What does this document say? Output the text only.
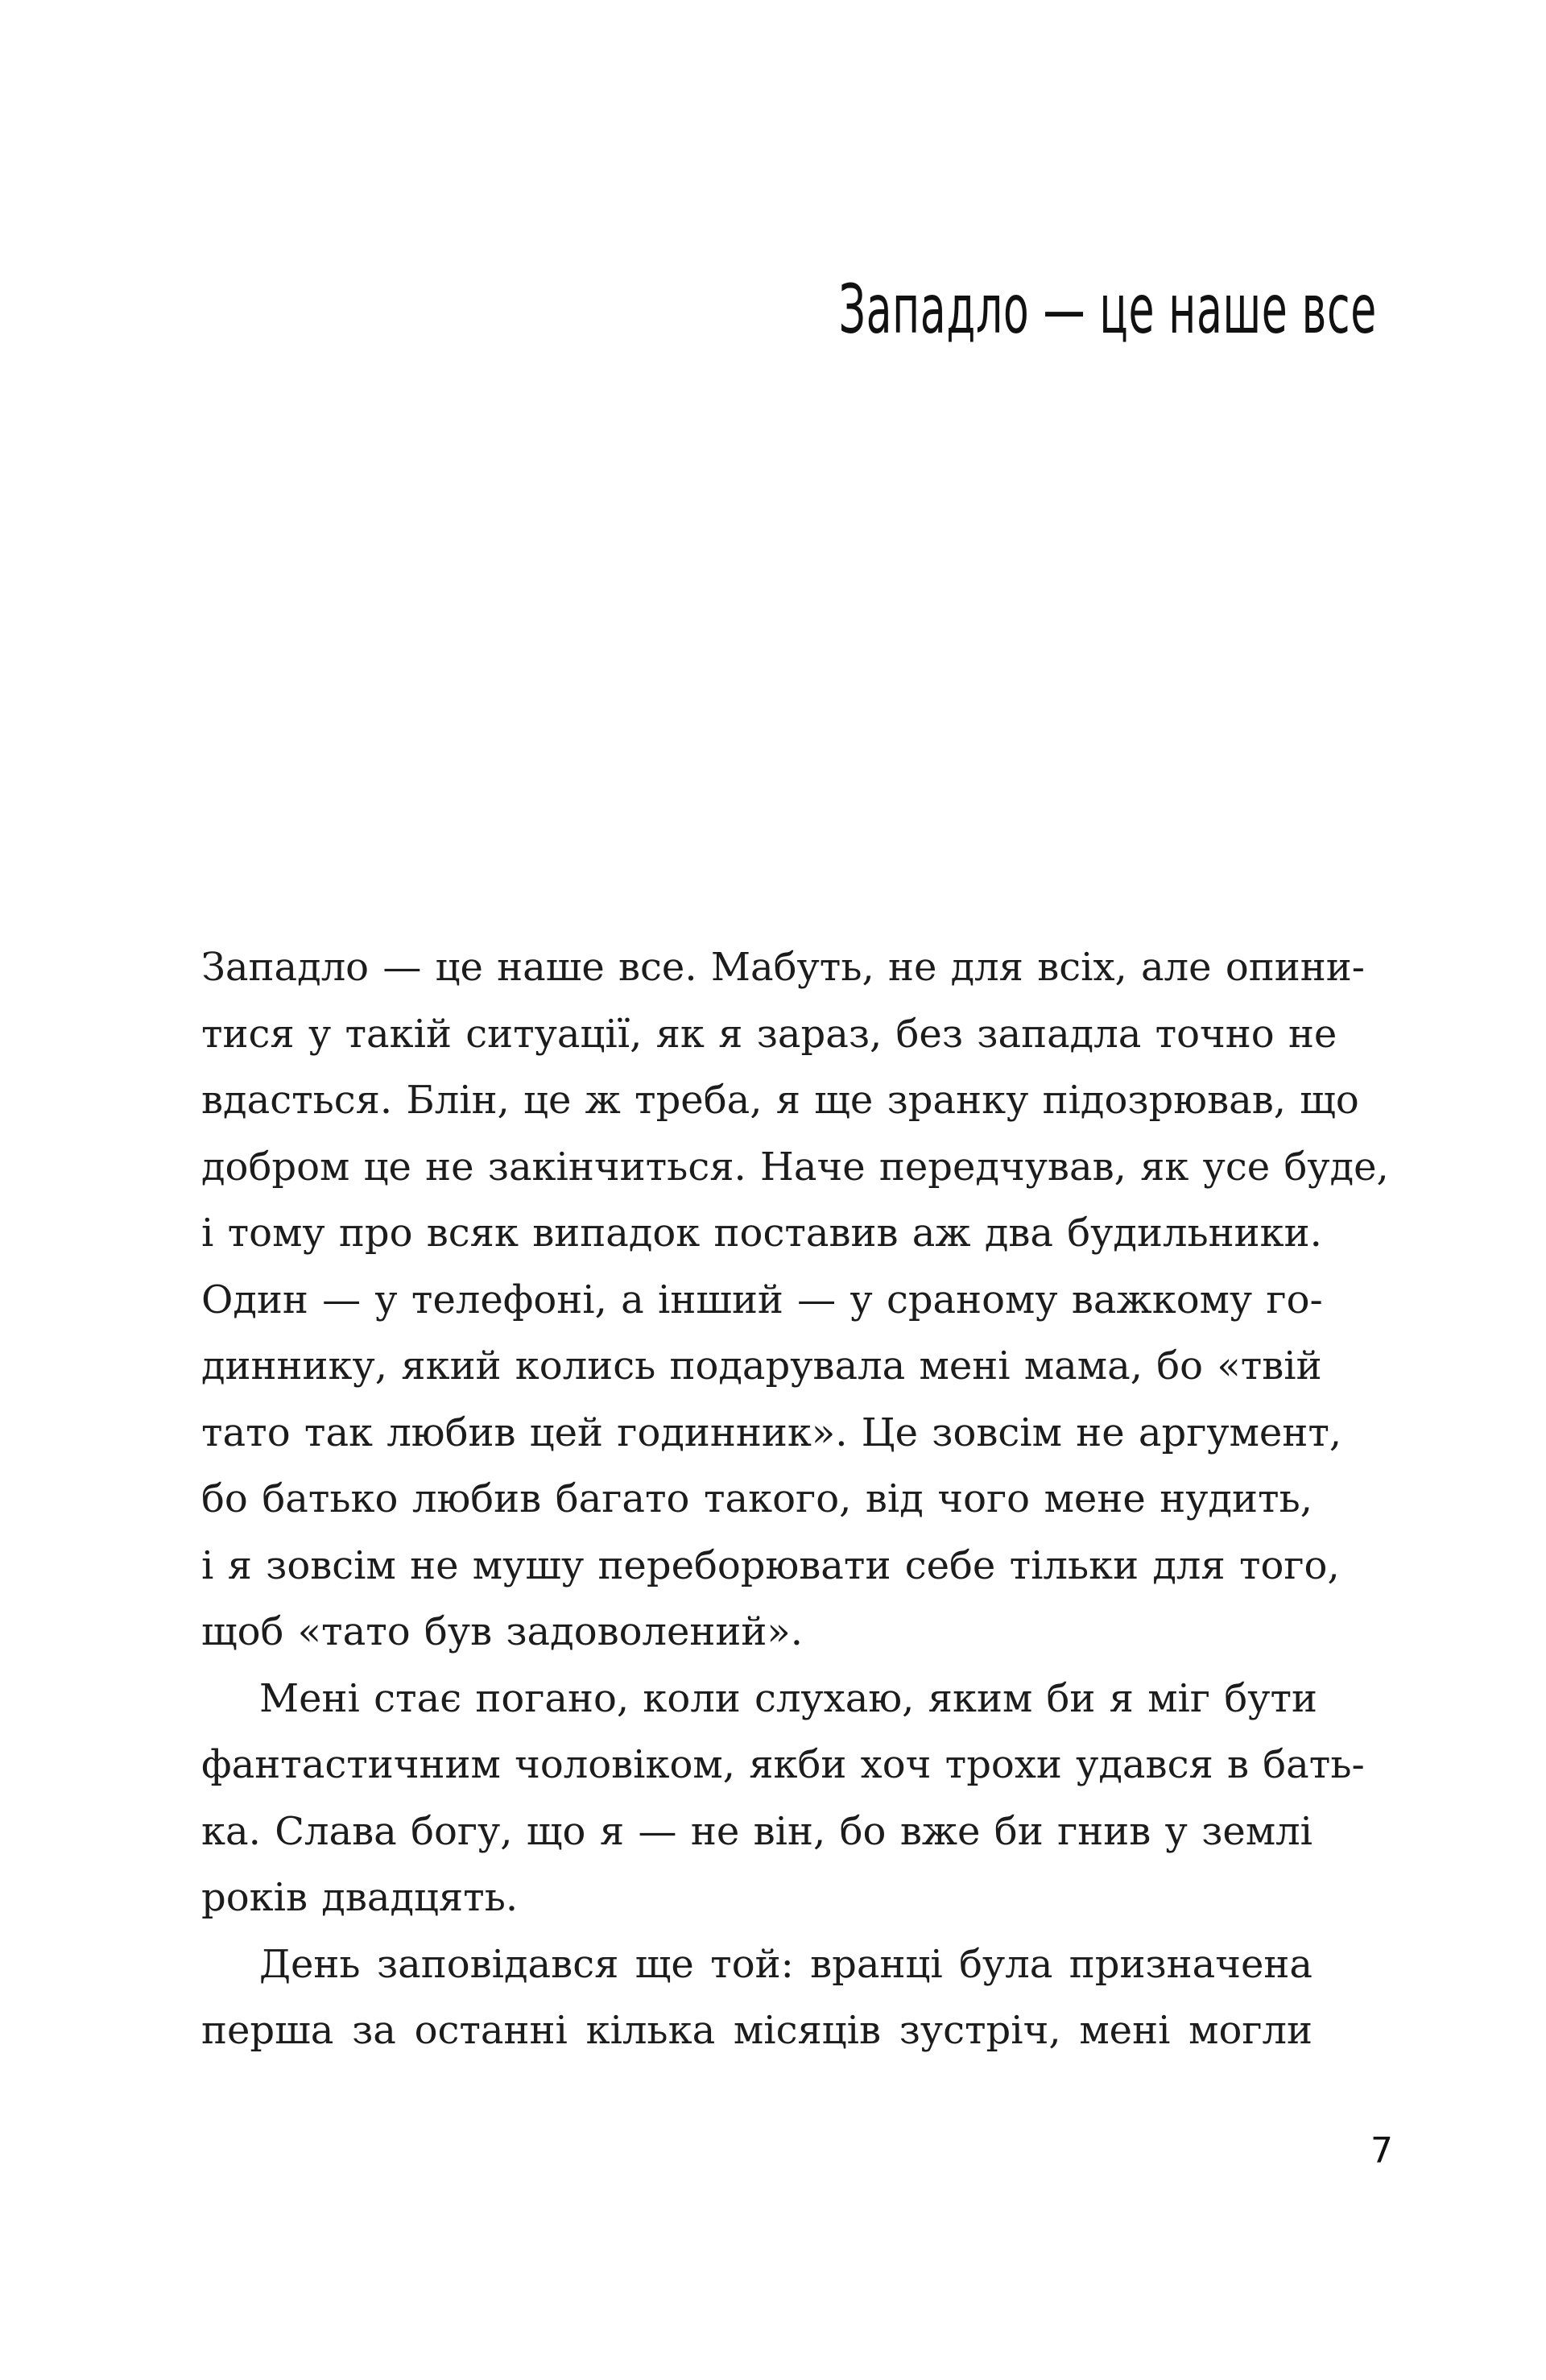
Западло — це наше все
Западло — це наше все. Мабуть, не для всіх, але опини-
тися у такій ситуації, як я зараз, без западла точно не
вдасться. Блін, це ж треба, я ще зранку підозрював, що
добром це не закінчиться. Наче передчував, як усе буде,
і тому про всяк випадок поставив аж два будильники.
Один — у телефоні, а інший — у сраному важкому го-
диннику, який колись подарувала мені мама, бо «твій
тато так любив цей годинник». Це зовсім не аргумент,
бо батько любив багато такого, від чого мене нудить,
і я зовсім не мушу переборювати себе тільки для того,
щоб «тато був задоволений».
Мені стає погано, коли слухаю, яким би я міг бути
фантастичним чоловіком, якби хоч трохи удався в бать-
ка. Слава богу, що я — не він, бо вже би гнив у землі
років двадцять.
День заповідався ще той: вранці була призначена
перша за останні кілька місяців зустріч, мені могли
7
